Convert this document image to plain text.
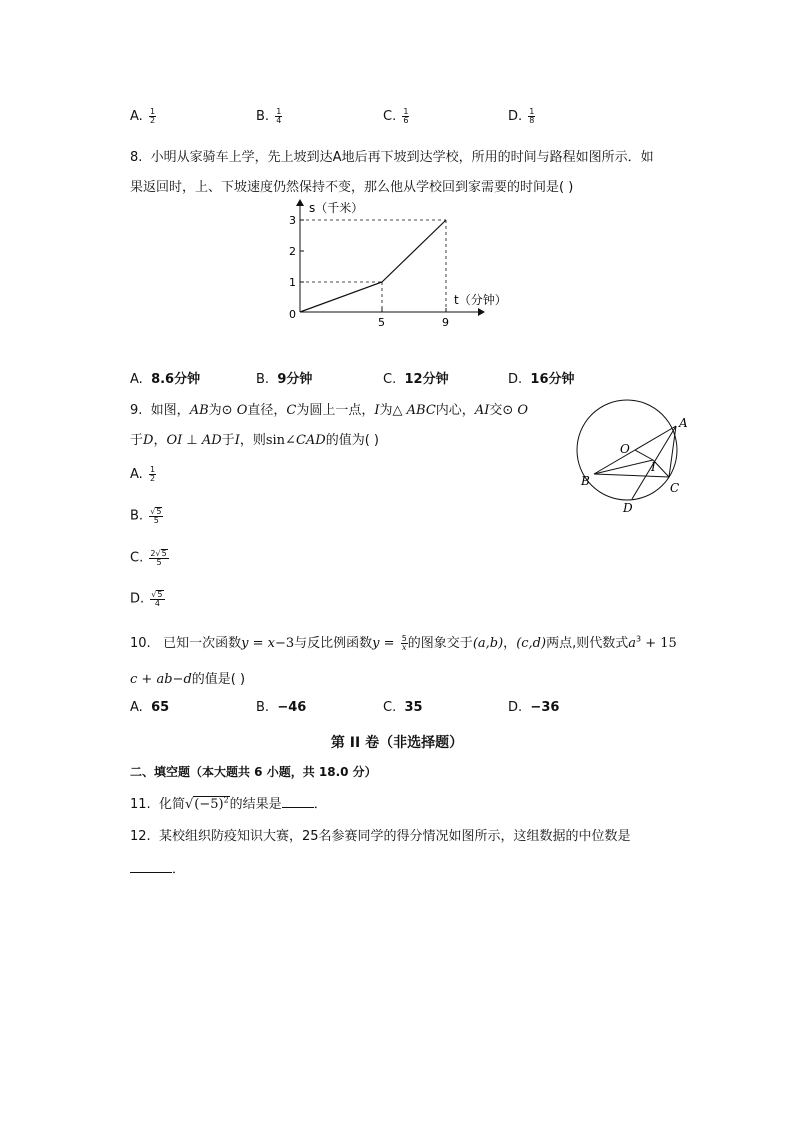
A. $\frac{1}{2}$	B. $\frac{1}{4}$	C. $\frac{1}{6}$	D. $\frac{1}{8}$
8. 小明从家骑车上学，先上坡到达A地后再下坡到达学校，所用的时间与路程如图所示．如
果返回时，上、下坡速度仍然保持不变，那么他从学校回到家需要的时间是( )
s（千米）
t（分钟）
3
2
1
0
5	9
A. 8.6分钟	B. 9分钟	C. 12分钟	D. 16分钟
9. 如图，AB为⊙ O直径，C为圆上一点，I为△ ABC内心，AI交⊙ O
于D，OI ⊥ AD于I，则sin∠CAD的值为( )
A
B	C
D
O
I
A. $\frac{1}{2}$
B. $\frac{√5}{5}$
C. $\frac{2√5}{5}$
D. $\frac{√5}{4}$
10. 已知一次函数y = x−3与反比例函数$y = \frac{5}{x}$ 的图象交于(a,b)，(c,d)两点,则代数式$a^3 + 15$
c + ab−d的值是( )
A. 65	B. −46	C. 35	D. −36
第 II 卷（非选择题）
二、填空题（本大题共 6 小题，共 18.0 分）
11. 化简$√(-5)^2$的结果是 ．
12. 某校组织防疫知识大赛，25名参赛同学的得分情况如图所示，这组数据的中位数是
．
